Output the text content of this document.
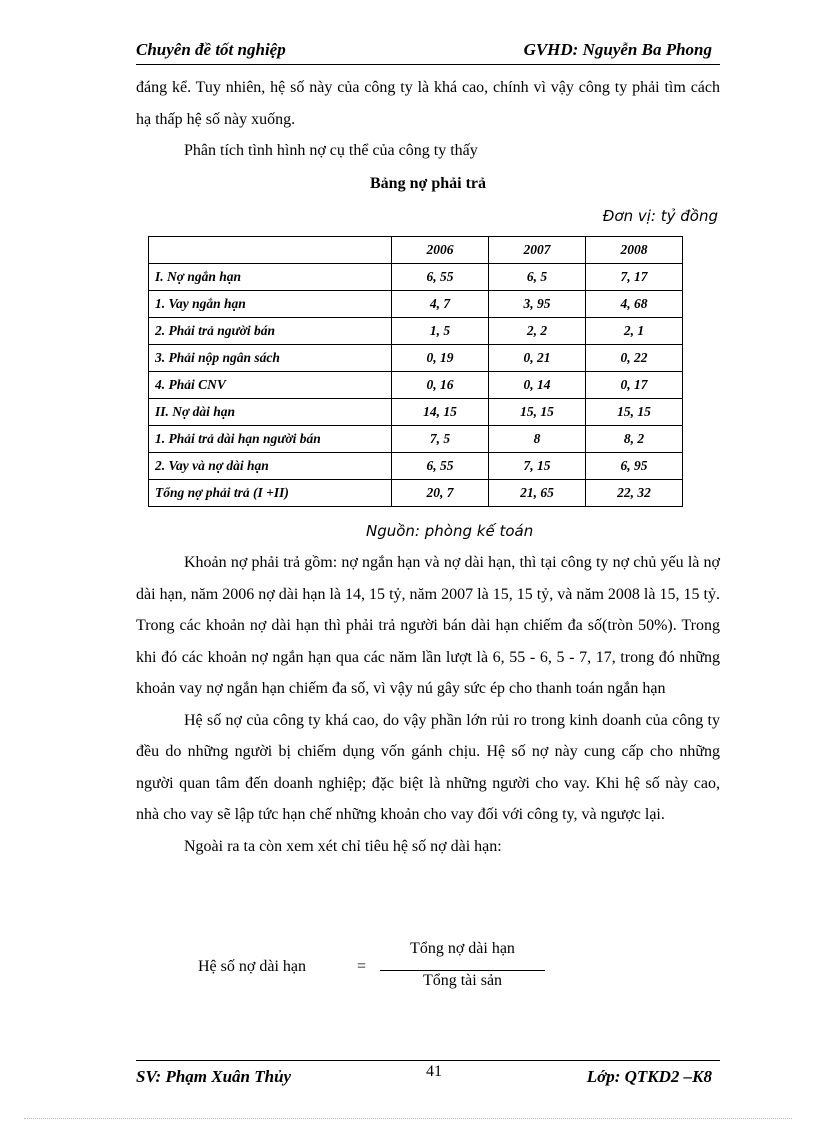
Chuyên đề tốt nghiệp	GVHD: Nguyễn Ba Phong

đáng kể. Tuy nhiên, hệ số này của công ty là khá cao, chính vì vậy công ty phải tìm cách hạ thấp hệ số này xuống.

Phân tích tình hình nợ cụ thể của công ty thấy

Bảng nợ phải trả
Đơn vị: tỷ đồng
	2006	2007	2008
I. Nợ ngắn hạn	6, 55	6, 5	7, 17
1. Vay ngắn hạn	4, 7	3, 95	4, 68
2. Phải trả người bán	1, 5	2, 2	2, 1
3. Phải nộp ngân sách	0, 19	0, 21	0, 22
4. Phải CNV	0, 16	0, 14	0, 17
II. Nợ dài hạn	14, 15	15, 15	15, 15
1. Phải trả dài hạn người bán	7, 5	8	8, 2
2. Vay và nợ dài hạn	6, 55	7, 15	6, 95
Tổng nợ phải trả (I +II)	20, 7	21, 65	22, 32
Nguồn: phòng kế toán

Khoản nợ phải trả gồm: nợ ngắn hạn và nợ dài hạn, thì tại công ty nợ chủ yếu là nợ dài hạn, năm 2006 nợ dài hạn là 14, 15 tỷ, năm 2007 là 15, 15 tỷ, và năm 2008 là 15, 15 tỷ. Trong các khoản nợ dài hạn thì phải trả người bán dài hạn chiếm đa số(tròn 50%). Trong khi đó các khoản nợ ngắn hạn qua các năm lần lượt là 6, 55 - 6, 5 - 7, 17, trong đó những khoản vay nợ ngắn hạn chiếm đa số, vì vậy nú gây sức ép cho thanh toán ngắn hạn

Hệ số nợ của công ty khá cao, do vậy phần lớn rủi ro trong kinh doanh của công ty đều do những người bị chiếm dụng vốn gánh chịu. Hệ số nợ này cung cấp cho những người quan tâm đến doanh nghiệp; đặc biệt là những người cho vay. Khi hệ số này cao, nhà cho vay sẽ lập tức hạn chế những khoản cho vay đối với công ty, và ngược lại.

Ngoài ra ta còn xem xét chỉ tiêu hệ số nợ dài hạn:

Hệ số nợ dài hạn	=
Tổng nợ dài hạn
Tổng tài sản
SV: Phạm Xuân Thủy	41	Lớp: QTKD2 –K8
